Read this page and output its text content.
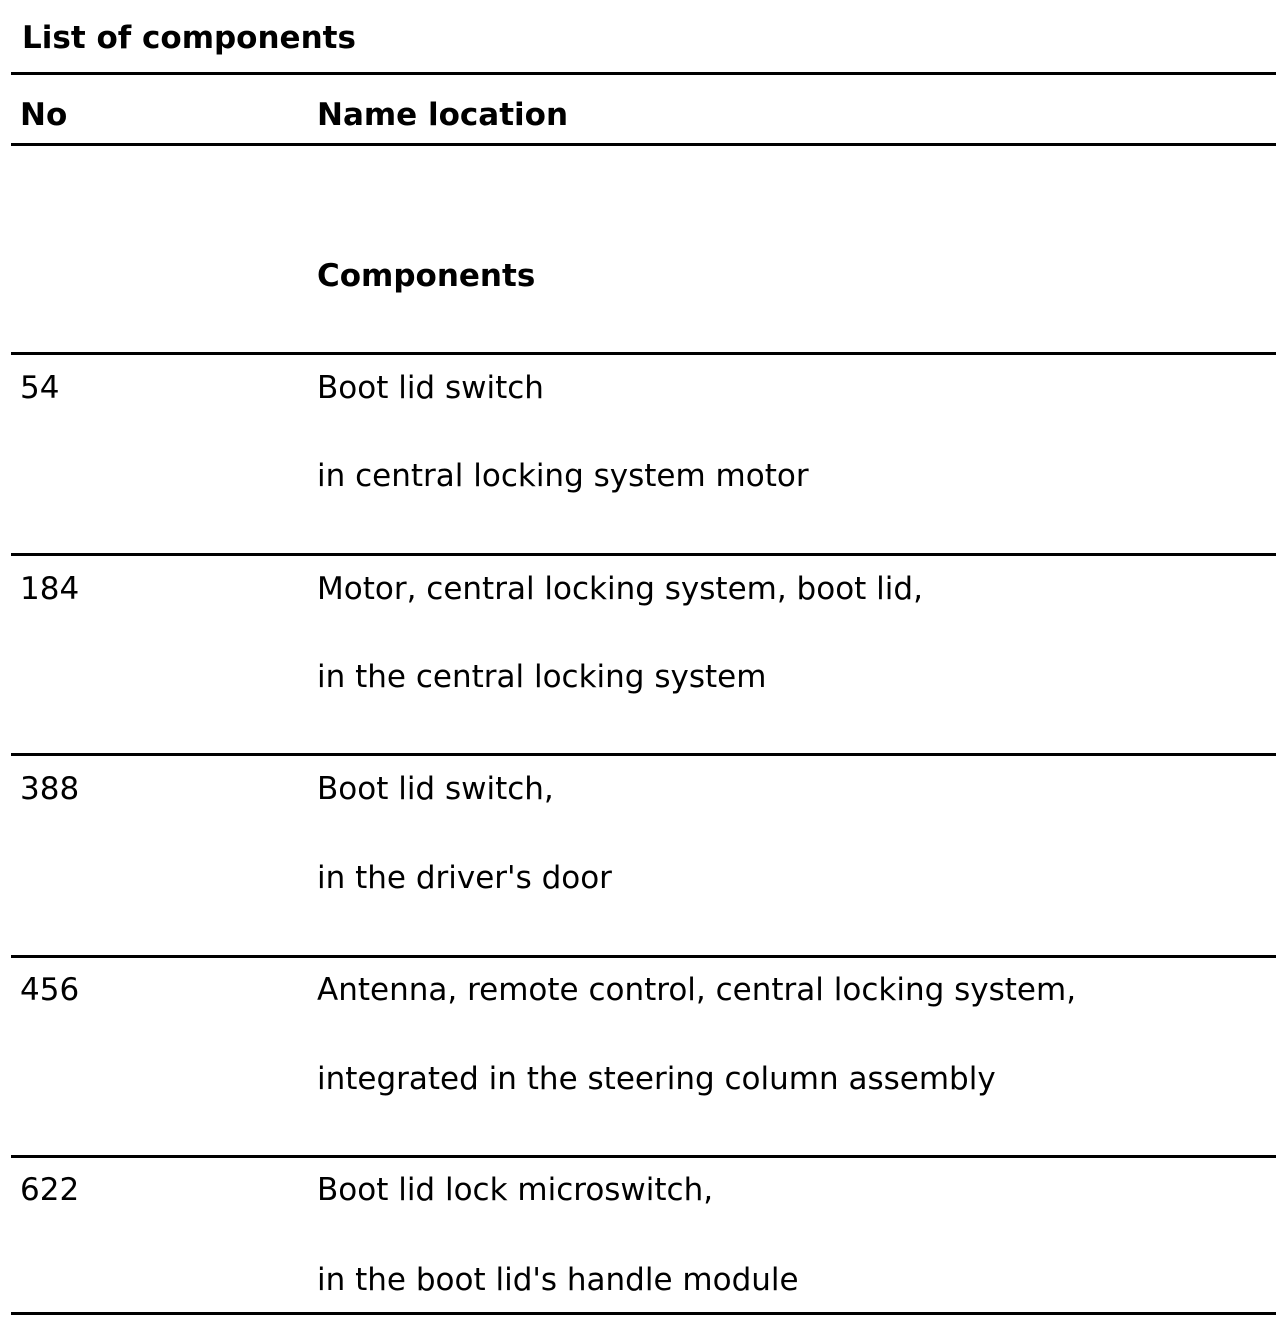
List of components
No	Name location
Components
54	Boot lid switch
in central locking system motor
184	Motor, central locking system, boot lid,
in the central locking system
388	Boot lid switch,
in the driver's door
456	Antenna, remote control, central locking system,
integrated in the steering column assembly
622	Boot lid lock microswitch,
in the boot lid's handle module
